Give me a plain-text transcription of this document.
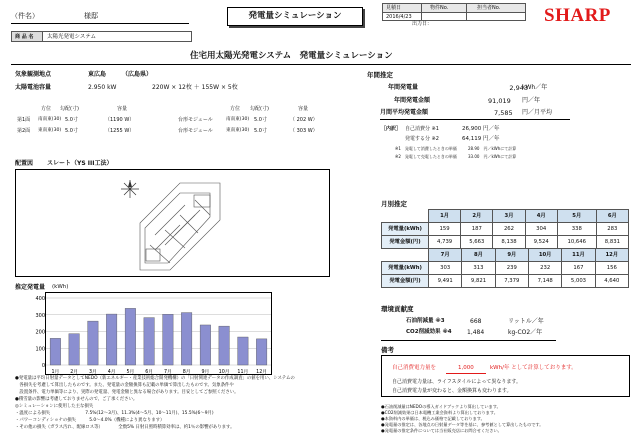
（件名）	様邸	発電量シミュレーション
見積日	物件No.	担当者No.
2016/4/23
出力日：	SHARP
商 品 名 太陽光発電システム
住宅用太陽光発電システム　発電量シミュレーション
気象観測地点	東広島	（広島県）
太陽電池容量	2.950 kW	220W × 12枚 ＋ 155W × 5枚
方位 勾配(寸)	容量	方位 勾配(寸)	容量
第1面 南南東(30) 5.0寸	（1190 W）	台形モジュール	南南東(30) 5.0寸	（ 202 W）
第2面 東南東(30) 5.0寸	（1255 W）	台形モジュール	東南東(30) 5.0寸	（ 303 W）
配置図 スレート（YS III工法）
推定発電量 (kWh)
0
100
200
300
400
1月 2月 3月 4月 5月 6月 7月 8月 9月 10月 11月 12月
年間推定
年間発電量	2,943
kWh／年
年間発電金額	91,019 円／年
月間平均発電金額	7,585 円／月平均
［内訳］ 自己消費分 ※1	26,900 円／年
発電する分 ※2	64,119 円／年
※1　発電して消費したときの単価	28.90　円／kWhにて計算
※2　発電して売電したときの単価	33.00　円／kWhにて計算
月別推定
	1月	2月	3月	4月	5月	6月
発電量(kWh)	159	187	262	304	338	283
発電金額(円)	4,739	5,663	8,138	9,524	10,646	8,831
	7月	8月	9月	10月	11月	12月
発電量(kWh)	303	313	239	232	167	156
発電金額(円)	9,491	9,821	7,379	7,148	5,003	4,640
環境貢献度
石油削減量 ※3	668	リットル／年
CO2削減効果 ※4	1,484	kg-CO2／年
備考
自己消費電力量を	1,000	kWh/年 として計算しております。
自己消費電力量は、ライフスタイルによって異なります。
自己消費電力量が変わると、金額換算も変わります。
●発電量は平均日射量データとしてNEDO（新エネルギー・産業技術総合開発機構）の「日射関連データの作成調査」の値を用い、システムの
　各損失を考慮して算出したものです。また、発電量の金額換算も記載の単価で算出したものです。気象条件や
　設置条件、電力単価等により、実際の発電量、発電金額と異なる場合があります。目安としてご参照ください。
●積雪量の影響は考慮しておりませんので、ご了承ください。
◎シミュレーションに使用した主な損失
・温度による損失　　　　　　　　7.5%(12～3月)、11.3%(4～5月、10～11月)、15.5%(6～9月)
・パワーコンディショナの損失　　　5.0～4.0%（機種により異なります）
・その他の損失（ガラス汚れ、配線ロス等）　　　　全数5% 日射日照時積算効率は、約1％の影響があります。
●石油削減量はNEDOの導入ガイドブックより算出しています。
●CO2削減効果は日本電機工業会資料より算出しております。
●本資料内の単価は、税込み価格で記載しております。
●発電量の推定は、各地点の日射量データ等を基に、参考値として算出したものです。
●発電量の推定条件については当社販売店にお問合せください。
